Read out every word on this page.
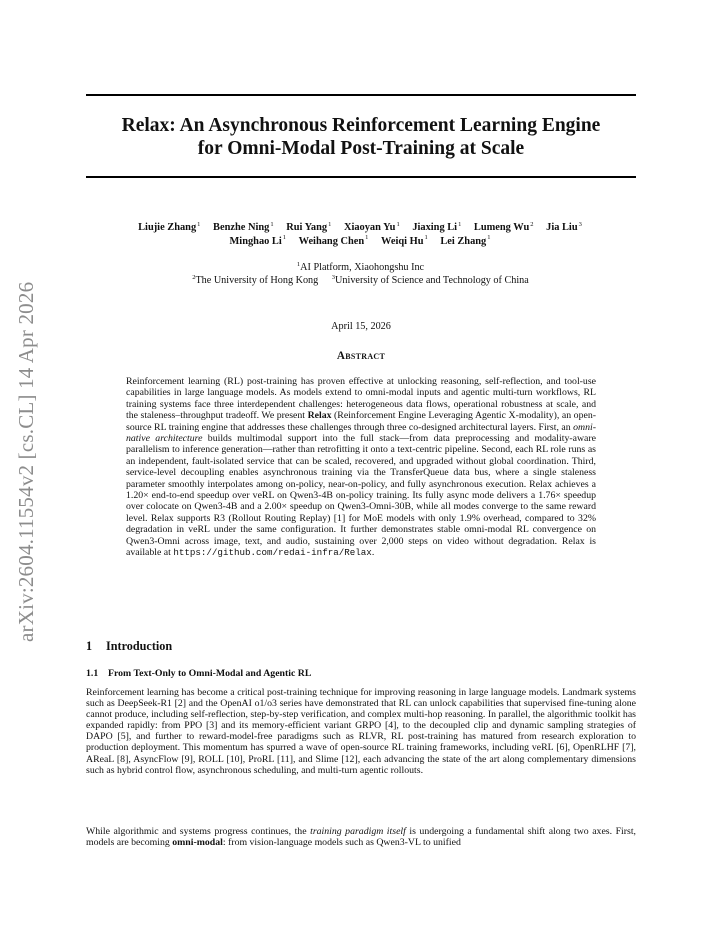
arXiv:2604.11554v2 [cs.CL] 14 Apr 2026
Relax: An Asynchronous Reinforcement Learning Engine
for Omni-Modal Post-Training at Scale
Liujie Zhang$^1$ Benzhe Ning$^1$ Rui Yang$^1$ Xiaoyan Yu$^1$ Jiaxing Li$^1$ Lumeng Wu$^2$ Jia Liu$^3$
Minghao Li$^1$ Weihang Chen$^1$ Weiqi Hu$^1$ Lei Zhang$^1$
$^1$AI Platform, Xiaohongshu Inc
$^2$The University of Hong Kong $^3$University of Science and Technology of China
April 15, 2026
Abstract
Reinforcement learning (RL) post-training has proven effective at unlocking reasoning, self-reflection, and tool-use capabilities in large language models. As models extend to omni-modal inputs and agentic multi-turn workflows, RL training systems face three interdependent challenges: heterogeneous data flows, operational robustness at scale, and the staleness–throughput tradeoff. We present Relax (Reinforcement Engine Leveraging Agentic X-modality), an open-source RL training engine that addresses these challenges through three co-designed architectural layers. First, an omni-native architecture builds multimodal support into the full stack—from data preprocessing and modality-aware parallelism to inference generation—rather than retrofitting it onto a text-centric pipeline. Second, each RL role runs as an independent, fault-isolated service that can be scaled, recovered, and upgraded without global coordination. Third, service-level decoupling enables asynchronous training via the TransferQueue data bus, where a single staleness parameter smoothly interpolates among on-policy, near-on-policy, and fully asynchronous execution. Relax achieves a 1.20× end-to-end speedup over veRL on Qwen3-4B on-policy training. Its fully async mode delivers a 1.76× speedup over colocate on Qwen3-4B and a 2.00× speedup on Qwen3-Omni-30B, while all modes converge to the same reward level. Relax supports R3 (Rollout Routing Replay) [1] for MoE models with only 1.9% overhead, compared to 32% degradation in veRL under the same configuration. It further demonstrates stable omni-modal RL convergence on Qwen3-Omni across image, text, and audio, sustaining over 2,000 steps on video without degradation. Relax is available at https://github.com/redai-infra/Relax.
1 Introduction
1.1 From Text-Only to Omni-Modal and Agentic RL

Reinforcement learning has become a critical post-training technique for improving reasoning in large language models. Landmark systems such as DeepSeek-R1 [2] and the OpenAI o1/o3 series have demonstrated that RL can unlock capabilities that supervised fine-tuning alone cannot produce, including self-reflection, step-by-step verification, and complex multi-hop reasoning. In parallel, the algorithmic toolkit has expanded rapidly: from PPO [3] and its memory-efficient variant GRPO [4], to the decoupled clip and dynamic sampling strategies of DAPO [5], and further to reward-model-free paradigms such as RLVR, RL post-training has matured from research exploration to production deployment. This momentum has spurred a wave of open-source RL training frameworks, including veRL [6], OpenRLHF [7], AReaL [8], AsyncFlow [9], ROLL [10], ProRL [11], and Slime [12], each advancing the state of the art along complementary dimensions such as hybrid control flow, asynchronous scheduling, and multi-turn agentic rollouts.

While algorithmic and systems progress continues, the training paradigm itself is undergoing a fundamental shift along two axes. First, models are becoming omni-modal: from vision-language models such as Qwen3-VL to unified
